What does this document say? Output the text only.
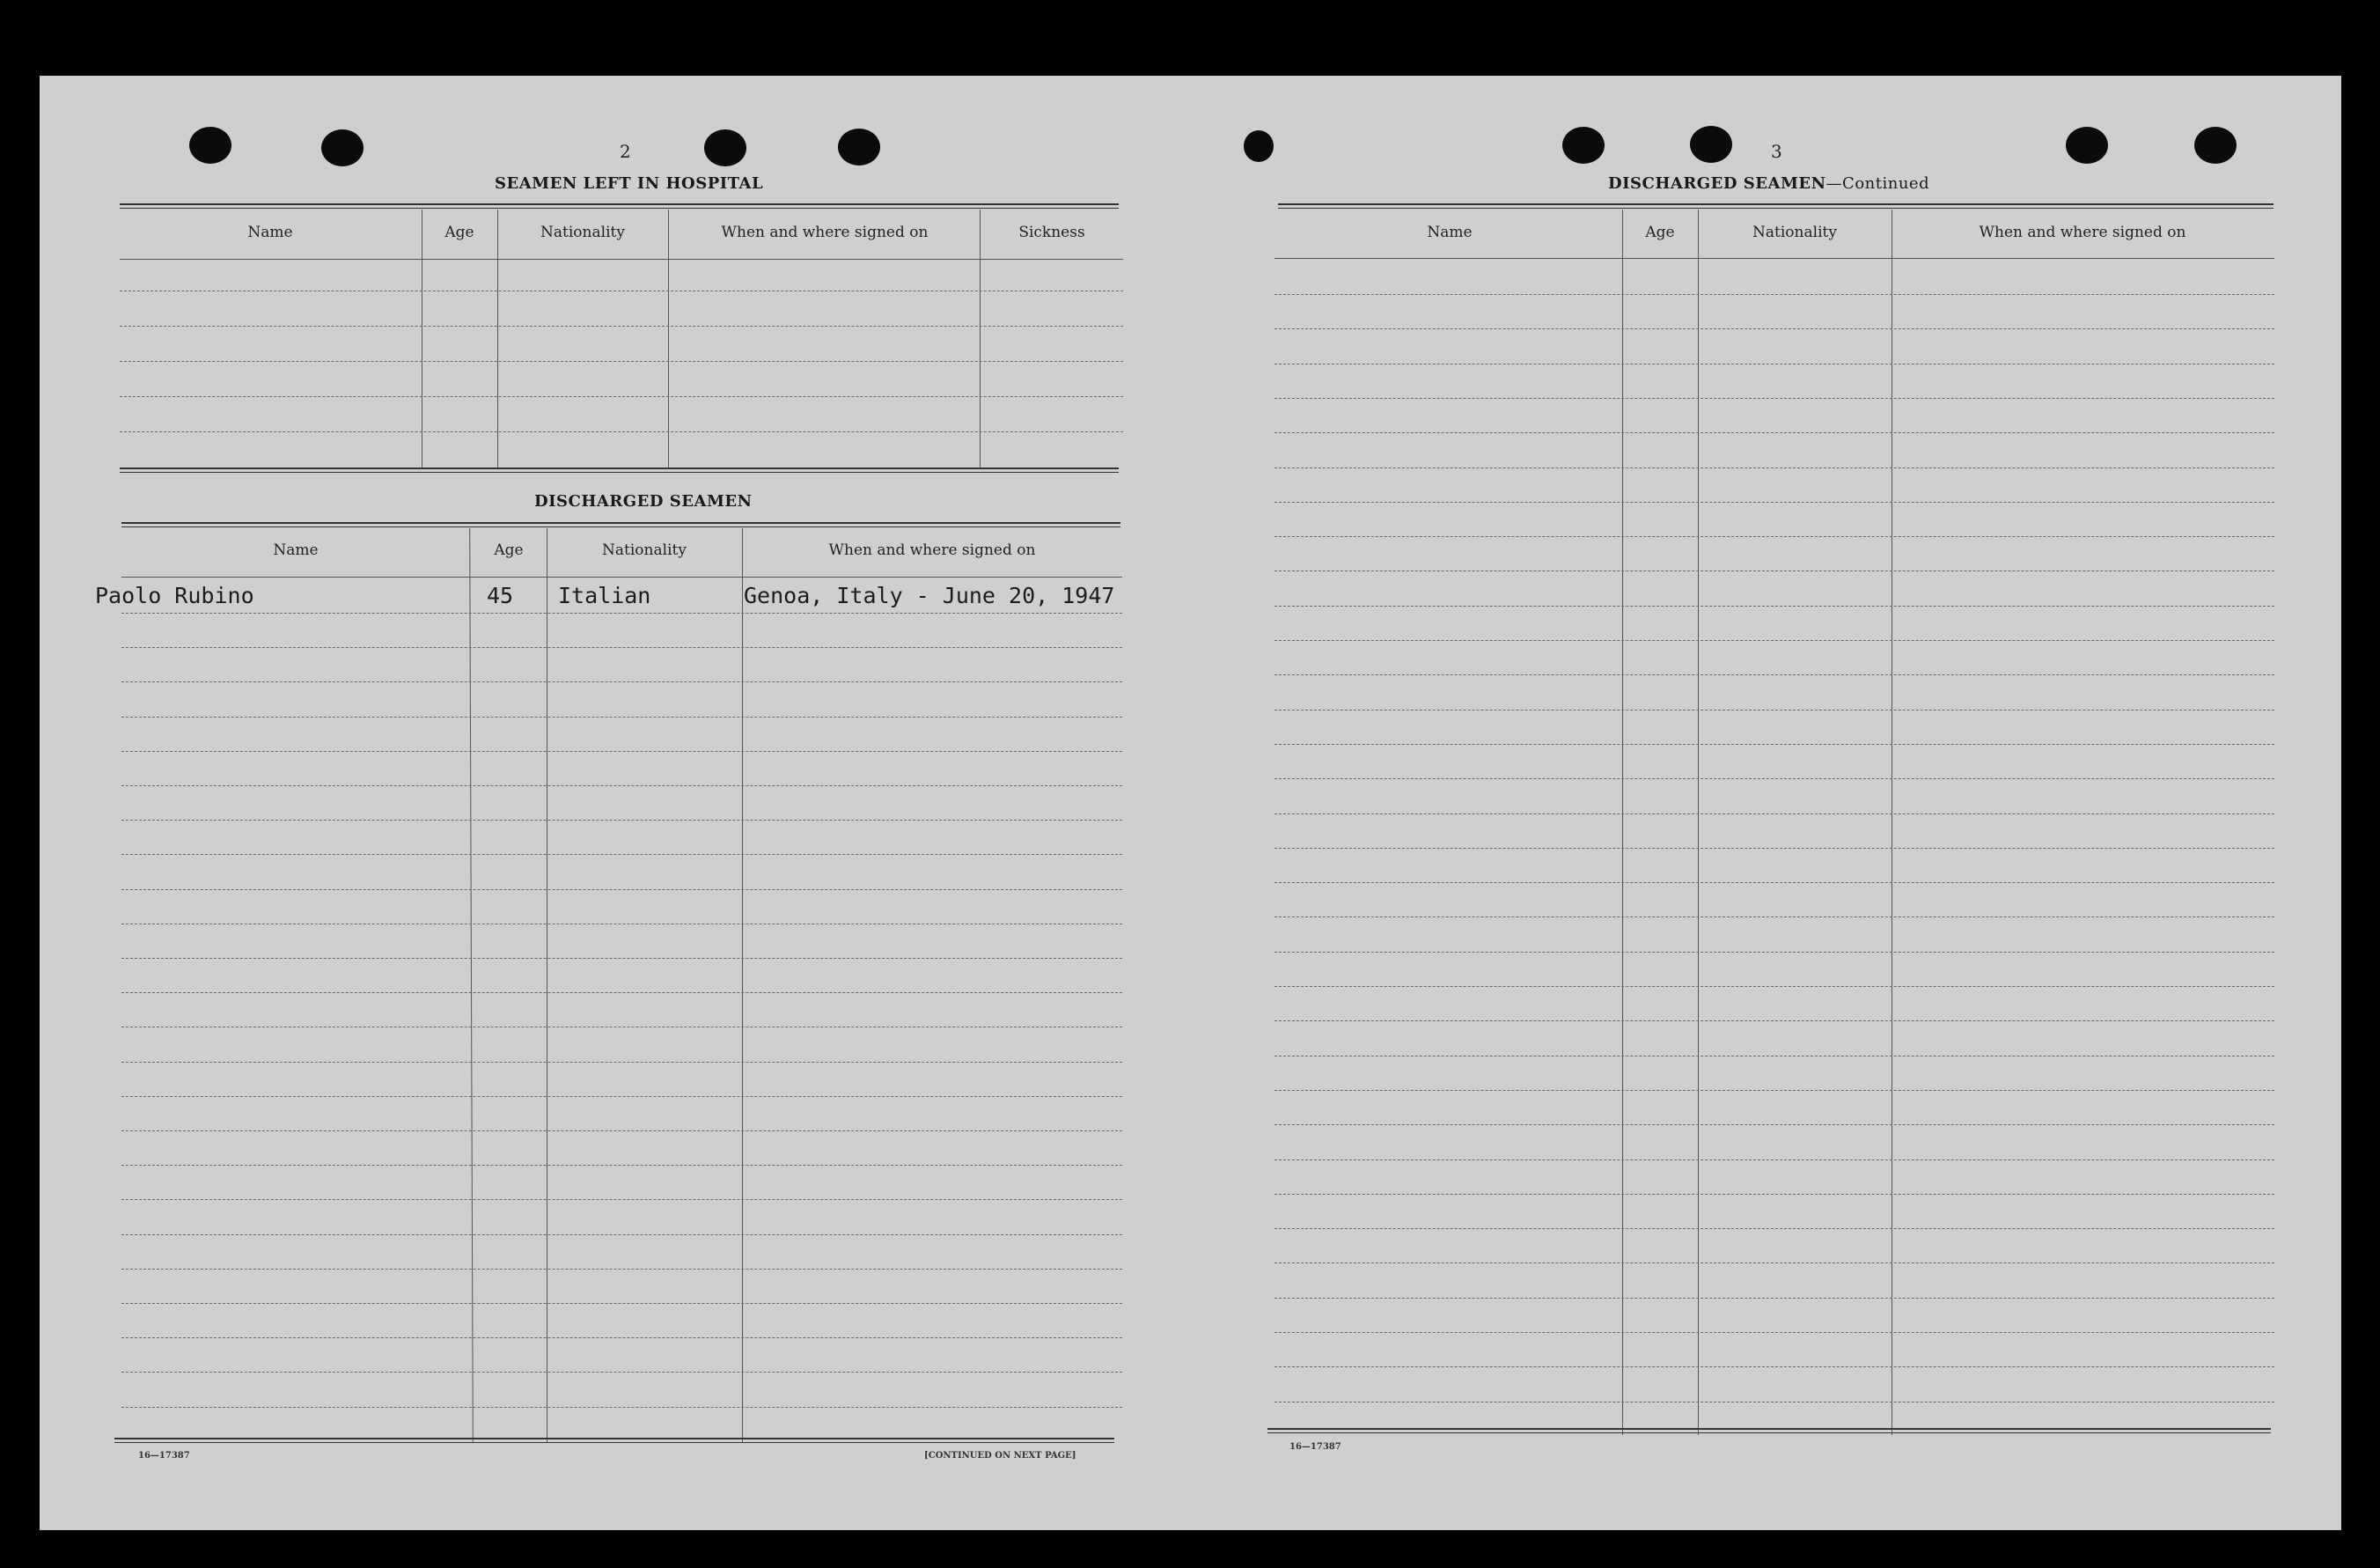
2
SEAMEN LEFT IN HOSPITAL
Name	Age	Nationality	When and where signed on	Sickness
DISCHARGED SEAMEN
Name	Age	Nationality	When and where signed on
Paolo Rubino	45 Italian	Genoa, Italy - June 20, 1947
16—17387	[CONTINUED ON NEXT PAGE]
3
DISCHARGED SEAMEN—Continued
Name	Age	Nationality	When and where signed on
16—17387
